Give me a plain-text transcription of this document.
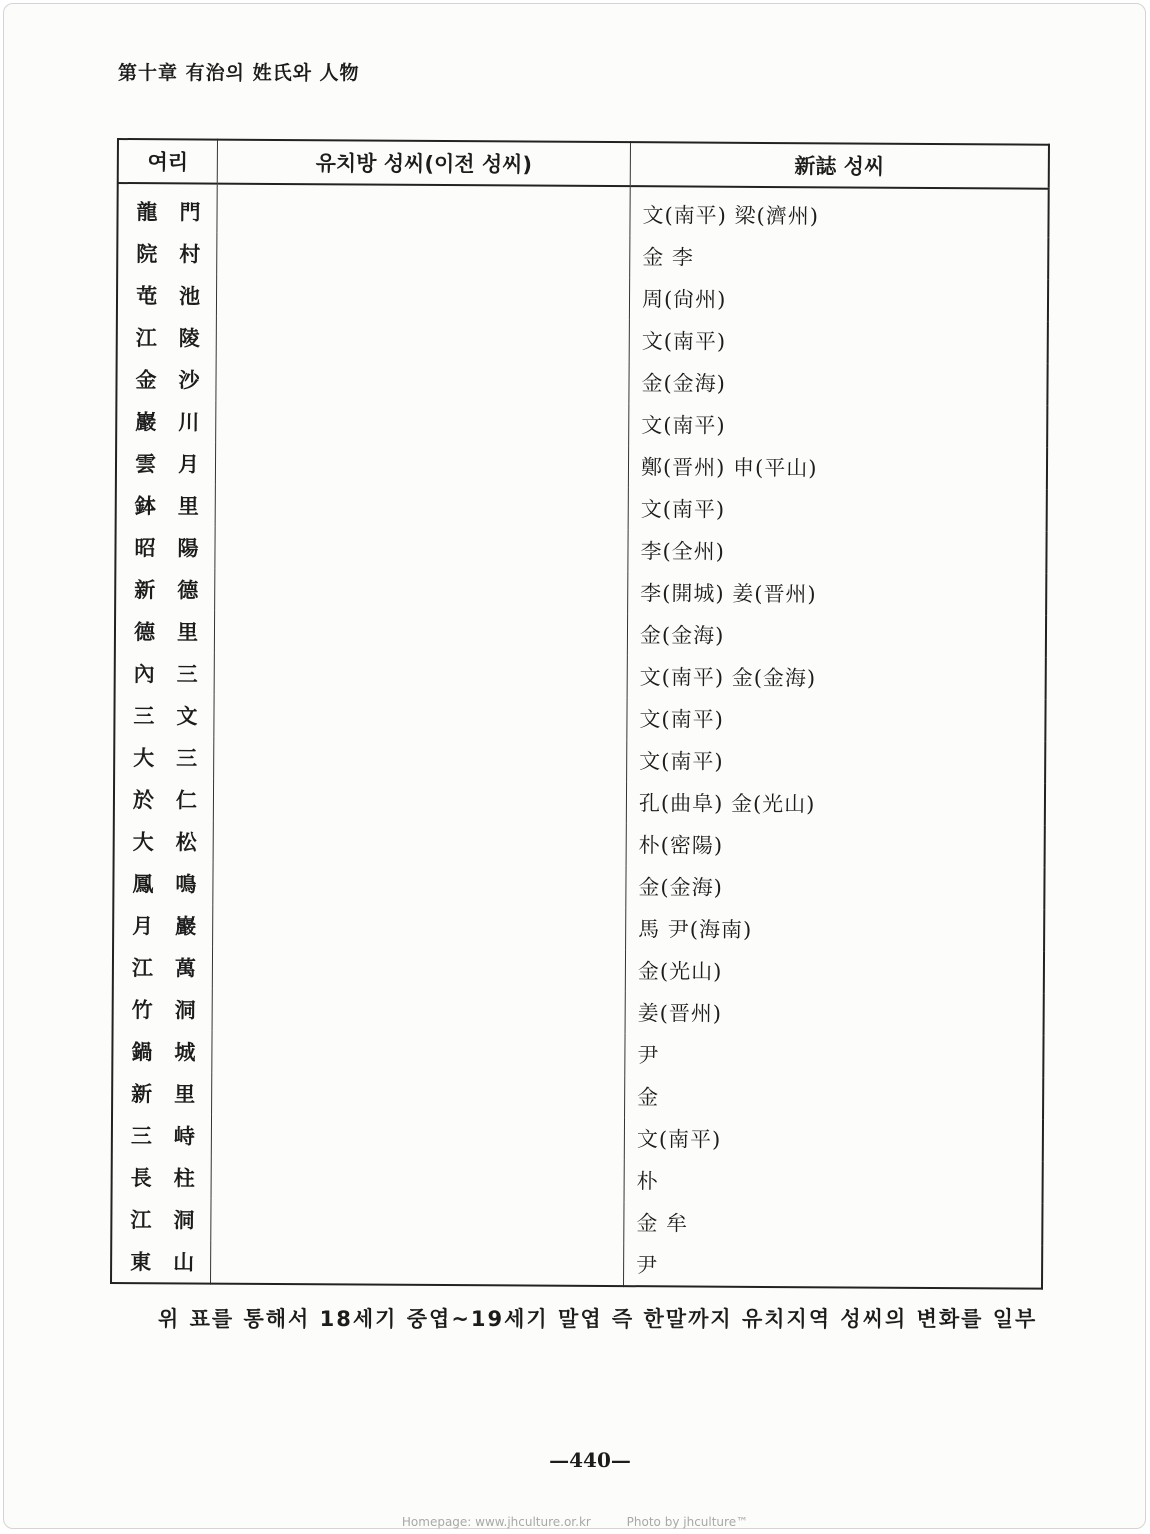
第十章 有治의 姓氏와 人物
여리	유치방 성씨(이전 성씨)	新誌 성씨
龍門		文(南平) 梁(濟州)
院村		金 李
芚池		周(尙州)
江陵		文(南平)
金沙		金(金海)
巖川		文(南平)
雲月		鄭(晋州) 申(平山)
鉢里		文(南平)
昭陽		李(全州)
新德		李(開城) 姜(晋州)
德里		金(金海)
內三		文(南平) 金(金海)
三文		文(南平)
大三		文(南平)
於仁		孔(曲阜) 金(光山)
大松		朴(密陽)
鳳鳴		金(金海)
月巖		馬 尹(海南)
江萬		金(光山)
竹洞		姜(晋州)
鍋城		尹
新里		金
三峙		文(南平)
長柱		朴
江洞		金 牟
東山		尹
위 표를 통해서 18세기 중엽~19세기 말엽 즉 한말까지 유치지역 성씨의 변화를 일부
—440—
Homepage: www.jhculture.or.kr	Photo by jhculture™
